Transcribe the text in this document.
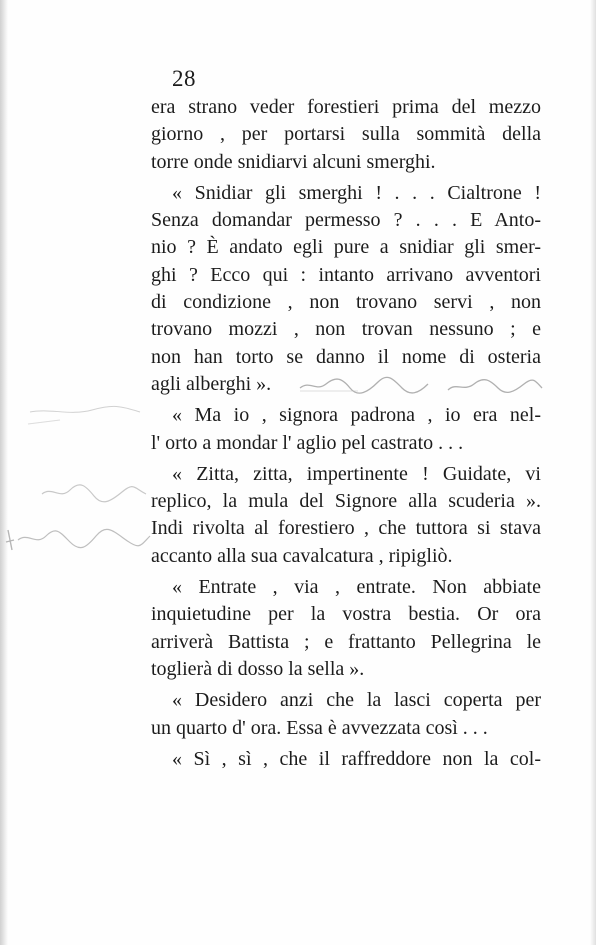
28
era strano veder forestieri prima del mezzo
giorno , per portarsi sulla sommità della
torre onde snidiarvi alcuni smerghi.
« Snidiar gli smerghi ! . . . Cialtrone !
Senza domandar permesso ? . . . E Anto-
nio ? È andato egli pure a snidiar gli smer-
ghi ? Ecco qui : intanto arrivano avventori
di condizione , non trovano servi , non
trovano mozzi , non trovan nessuno ; e
non han torto se danno il nome di osteria
agli alberghi ».
« Ma io , signora padrona , io era nel-
l' orto a mondar l' aglio pel castrato . . .
« Zitta, zitta, impertinente ! Guidate, vi
replico, la mula del Signore alla scuderia ».
Indi rivolta al forestiero , che tuttora si stava
accanto alla sua cavalcatura , ripigliò.
« Entrate , via , entrate. Non abbiate
inquietudine per la vostra bestia. Or ora
arriverà Battista ; e frattanto Pellegrina le
toglierà di dosso la sella ».
« Desidero anzi che la lasci coperta per
un quarto d' ora. Essa è avvezzata così . . .
« Sì , sì , che il raffreddore non la col-
